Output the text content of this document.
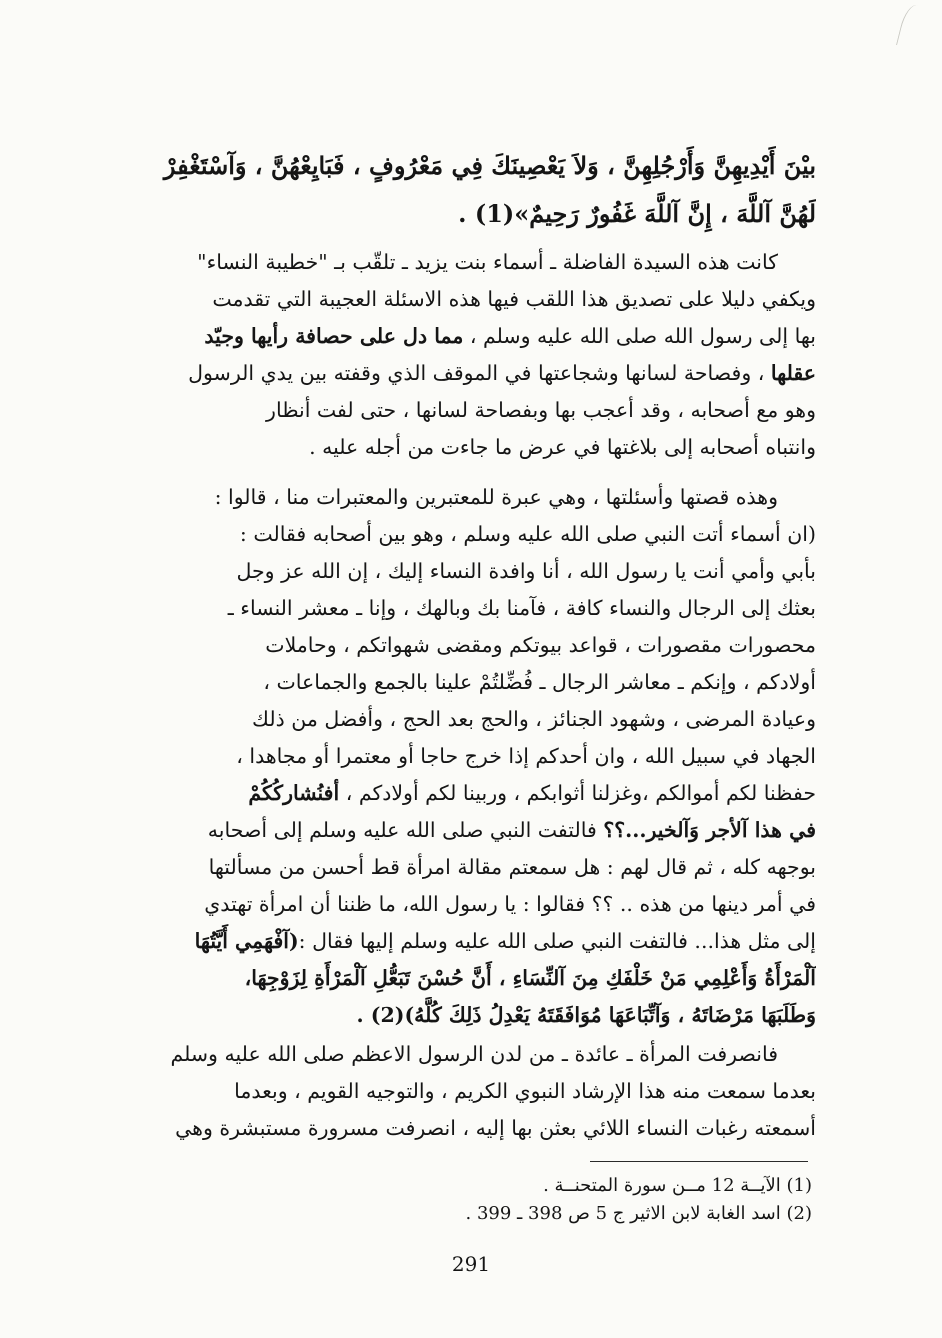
َبيْنَ أَيْدِيهِنَّ وَأَرْجُلِهِنَّ ، وَلاَ يَعْصِينَكَ فِي مَعْرُوفٍ ، فَبَايِعْهُنَّ ، وَآسْتَغْفِرْ
لَهُنَّ آللَّهَ ، إِنَّ آللَّهَ غَفُورٌ رَحِيمٌ»(1) .
كانت هذه السيدة الفاضلة ـ أسماء بنت يزيد ـ تلقّب بـ "خطيبة النساء"
ويكفي دليلا على تصديق هذا اللقب فيها هذه الاسئلة العجيبة التي تقدمت
بها إلى رسول الله صلى الله عليه وسلم ، مما دل على حصافة رأيها وجيّد
عقلها ، وفصاحة لسانها وشجاعتها في الموقف الذي وقفته بين يدي الرسول
وهو مع أصحابه ، وقد أعجب بها وبفصاحة لسانها ، حتى لفت أنظار
وانتباه أصحابه إلى بلاغتها في عرض ما جاءت من أجله عليه .
وهذه قصتها وأسئلتها ، وهي عبرة للمعتبرين والمعتبرات منا ، قالوا :
(ان أسماء أتت النبي صلى الله عليه وسلم ، وهو بين أصحابه فقالت :
بأبي وأمي أنت يا رسول الله ، أنا وافدة النساء إليك ، إن الله عز وجل
بعثك إلى الرجال والنساء كافة ، فآمنا بك وبالهك ، وإنا ـ معشر النساء ـ
محصورات مقصورات ، قواعد بيوتكم ومقضى شهواتكم ، وحاملات
أولادكم ، وإنكم ـ معاشر الرجال ـ فُضِّلتُمْ علينا بالجمع والجماعات ،
وعيادة المرضى ، وشهود الجنائز ، والحج بعد الحج ، وأفضل من ذلك
الجهاد في سبيل الله ، وان أحدكم إذا خرج حاجا أو معتمرا أو مجاهدا ،
حفظنا لكم أموالكم ،وغزلنا أثوابكم ، وربينا لكم أولادكم ، أفنُشاركُكُمْ
في هذا آلأجر وَآلخير...؟؟ فالتفت النبي صلى الله عليه وسلم إلى أصحابه
بوجهه كله ، ثم قال لهم : هل سمعتم مقالة امرأة قط أحسن من مسألتها
في أمر دينها من هذه .. ؟؟ فقالوا : يا رسول الله، ما ظننا أن امرأة تهتدي
إلى مثل هذا... فالتفت النبي صلى الله عليه وسلم إليها فقال :(آفْهَمِي أَيَّتُهَا
آلْمَرْأَةُ وَأَعْلِمِي مَنْ خَلْفَكِ مِنَ آلنِّسَاءِ ، أَنَّ حُسْنَ تَبَعُّلِ آلْمَرْأَةِ لِزَوْجِهَا،
وَطَلَبَهَا مَرْضَاتَهُ ، وَآتِّبَاعَهَا مُوَافَقَتَهُ يَعْدِلُ ذَلِكَ كُلَّهُ)(2) .
فانصرفت المرأة ـ عائدة ـ من لدن الرسول الاعظم صلى الله عليه وسلم
بعدما سمعت منه هذا الإرشاد النبوي الكريم ، والتوجيه القويم ، وبعدما
أسمعته رغبات النساء اللائي بعثن بها إليه ، انصرفت مسرورة مستبشرة وهي
(1) الآيــة 12 مــن سورة المتحنــة .
(2) اسد الغابة لابن الاثير ج 5 ص 398 ـ 399 .
291
